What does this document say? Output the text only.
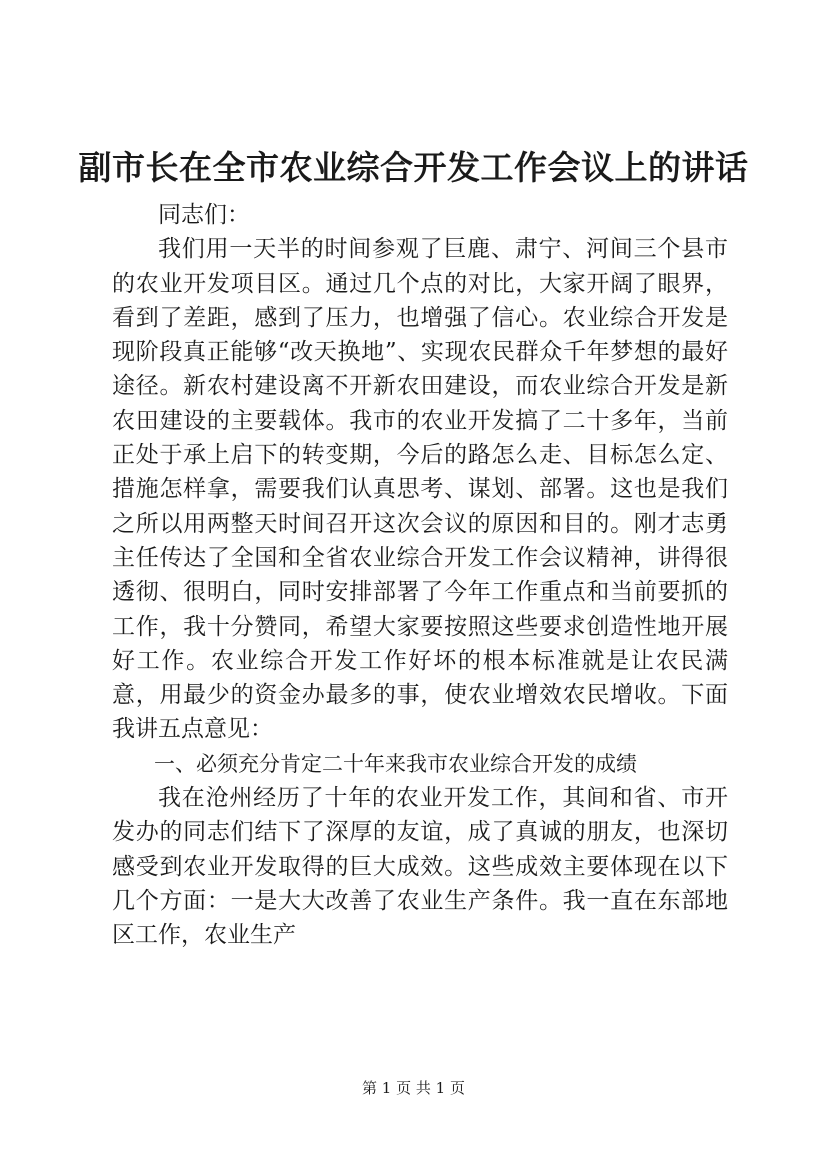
副市长在全市农业综合开发工作会议上的讲话

同志们：

我们用一天半的时间参观了巨鹿、肃宁、河间三个县市的农业开发项目区。通过几个点的对比，大家开阔了眼界，看到了差距，感到了压力，也增强了信心。农业综合开发是现阶段真正能够“改天换地”、实现农民群众千年梦想的最好途径。新农村建设离不开新农田建设，而农业综合开发是新农田建设的主要载体。我市的农业开发搞了二十多年，当前正处于承上启下的转变期，今后的路怎么走、目标怎么定、措施怎样拿，需要我们认真思考、谋划、部署。这也是我们之所以用两整天时间召开这次会议的原因和目的。刚才志勇主任传达了全国和全省农业综合开发工作会议精神，讲得很透彻、很明白，同时安排部署了今年工作重点和当前要抓的工作，我十分赞同，希望大家要按照这些要求创造性地开展好工作。农业综合开发工作好坏的根本标准就是让农民满意，用最少的资金办最多的事，使农业增效农民增收。下面我讲五点意见：

一、必须充分肯定二十年来我市农业综合开发的成绩

我在沧州经历了十年的农业开发工作，其间和省、市开发办的同志们结下了深厚的友谊，成了真诚的朋友，也深切感受到农业开发取得的巨大成效。这些成效主要体现在以下几个方面：一是大大改善了农业生产条件。我一直在东部地区工作，农业生产

第 1 页 共 1 页
